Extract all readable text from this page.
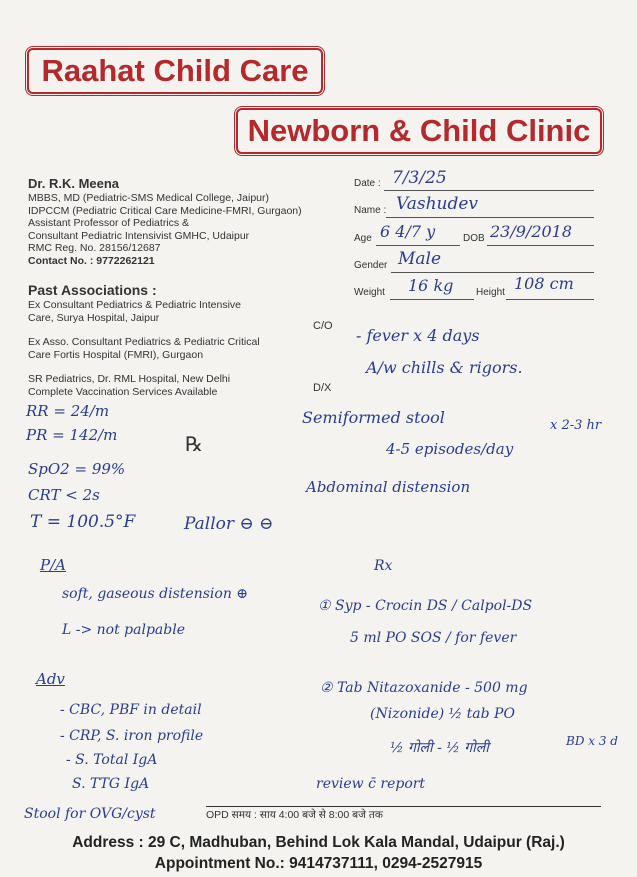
Raahat Child Care
Newborn & Child Clinic
Dr. R.K. Meena
MBBS, MD (Pediatric-SMS Medical College, Jaipur)
IDPCCM (Pediatric Critical Care Medicine-FMRI, Gurgaon)
Assistant Professor of Pediatrics &
Consultant Pediatric Intensivist GMHC, Udaipur
RMC Reg. No. 28156/12687
Contact No. : 9772262121
Past Associations :

Ex Consultant Pediatrics & Pediatric Intensive Care, Surya Hospital, Jaipur

Ex Asso. Consultant Pediatrics & Pediatric Critical Care Fortis Hospital (FMRI), Gurgaon

SR Pediatrics, Dr. RML Hospital, New Delhi Complete Vaccination Services Available

Date : 7/3/25
Name : Vashudev
Age 6 4/7 y	DOB 23/9/2018
Gender Male
Weight 16 kg Height 108 cm
C/O - fever x 4 days
A/w chills & rigors.
D/X
Semiformed stool
4-5 episodes/day
x 2-3 hr
Abdominal distension
RR = 24/m
PR = 142/m
SpO2 = 99%
CRT < 2s
T = 100.5°F	Pallor ⊖ ⊖
℞
P/A
soft, gaseous distension ⊕
L -> not palpable
Adv
- CBC, PBF in detail
- CRP, S. iron profile
- S. Total IgA
S. TTG IgA
Stool for OVG/cyst
Rx
① Syp - Crocin DS / Calpol-DS
5 ml PO SOS / for fever
② Tab Nitazoxanide - 500 mg
(Nizonide) ½ tab PO
½ गोली - ½ गोली	BD x 3 d
review c̄ report
OPD समय : साय 4:00 बजे से 8:00 बजे तक
Address : 29 C, Madhuban, Behind Lok Kala Mandal, Udaipur (Raj.)
Appointment No.: 9414737111, 0294-2527915
